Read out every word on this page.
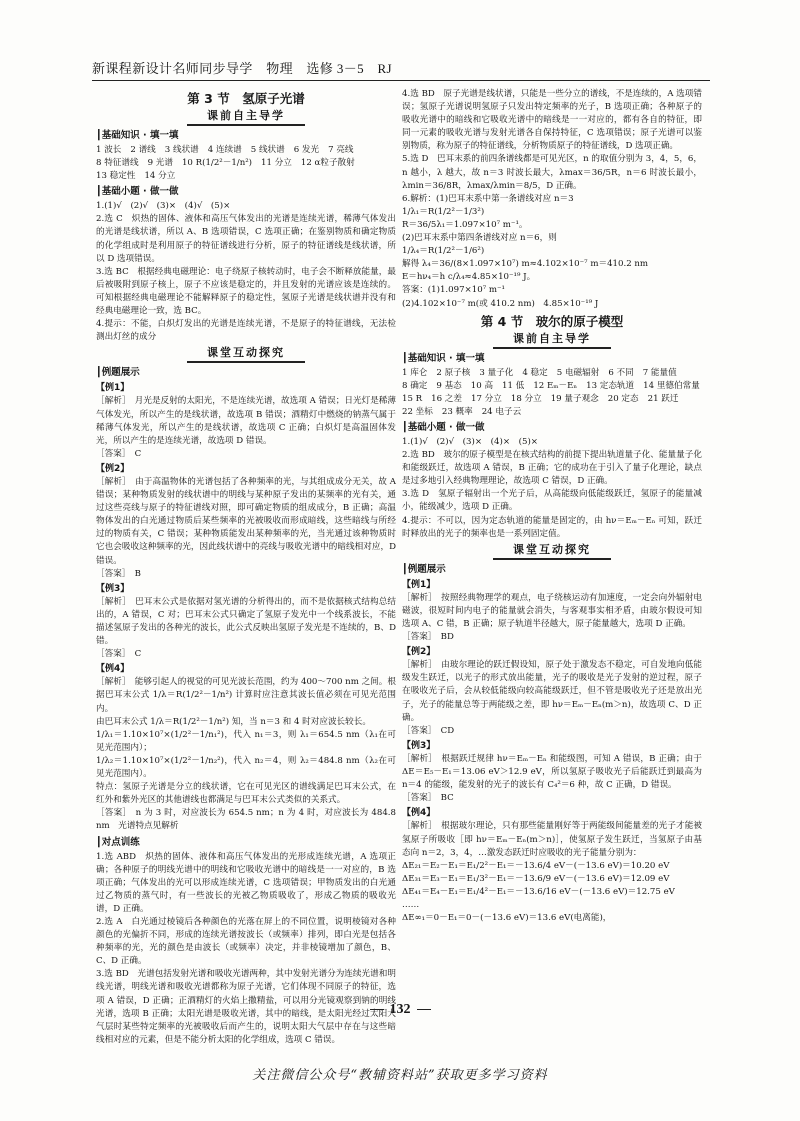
新课程新设计名师同步导学　物理　选修 3－5　RJ
第 3 节　氢原子光谱
课前自主导学
┃基础知识 · 填一填
1 波长 2 谱线 3 线状谱 4 连续谱 5 线状谱 6 发光 7 亮线
8 特征谱线 9 光谱 10 R(1/2²－1/n²) 11 分立 12 α粒子散射
13 稳定性 14 分立
┃基础小题 · 做一做

1.(1)√　(2)√　(3)×　(4)√　(5)×

2.选 C　炽热的固体、液体和高压气体发出的光谱是连续光谱，稀薄气体发出的光谱是线状谱，所以 A、B 选项错误，C 选项正确；在鉴别物质和确定物质的化学组成时是利用原子的特征谱线进行分析，原子的特征谱线是线状谱，所以 D 选项错误。

3.选 BC　根据经典电磁理论：电子绕原子核转动时，电子会不断释放能量，最后被吸附到原子核上，原子不应该是稳定的，并且发射的光谱应该是连续的。可知根据经典电磁理论不能解释原子的稳定性，氢原子光谱是线状谱并没有和经典电磁理论一致，选 BC。

4.提示：不能，白炽灯发出的光谱是连续光谱，不是原子的特征谱线，无法检测出灯丝的成分

课堂互动探究
┃例题展示
【例1】

［解析］　月光是反射的太阳光，不是连续光谱，故选项 A 错误；日光灯是稀薄气体发光，所以产生的是线状谱，故选项 B 错误；酒精灯中燃烧的钠蒸气属于稀薄气体发光，所以产生的是线状谱，故选项 C 正确；白炽灯是高温固体发光，所以产生的是连续光谱，故选项 D 错误。

［答案］　C

【例2】

［解析］　由于高温物体的光谱包括了各种频率的光，与其组成成分无关，故 A 错误；某种物质发射的线状谱中的明线与某种原子发出的某频率的光有关，通过这些亮线与原子的特征谱线对照，即可确定物质的组成成分，B 正确；高温物体发出的白光通过物质后某些频率的光被吸收而形成暗线，这些暗线与所经过的物质有关，C 错误；某种物质能发出某种频率的光，当光通过该种物质时它也会吸收这种频率的光，因此线状谱中的亮线与吸收光谱中的暗线相对应，D 错误。

［答案］　B

【例3】

［解析］　巴耳末公式是依据对氢光谱的分析得出的，而不是依据核式结构总结出的，A 错误，C 对；巴耳末公式只确定了氢原子发光中一个线系波长，不能描述氢原子发出的各种光的波长，此公式反映出氢原子发光是不连续的，B、D 错。

［答案］　C

【例4】

［解析］　能够引起人的视觉的可见光波长范围，约为 400～700 nm 之间。根据巴耳末公式 1/λ＝R(1/2²－1/n²) 计算时应注意其波长值必须在可见光范围内。

由巴耳末公式 1/λ＝R(1/2²－1/n²) 知，当 n＝3 和 4 时对应波长较长。

1/λ₁＝1.10×10⁷×(1/2²－1/n₁²)，代入 n₁＝3，则 λ₁＝654.5 nm（λ₁在可见光范围内）；

1/λ₂＝1.10×10⁷×(1/2²－1/n₂²)，代入 n₂＝4，则 λ₂＝484.8 nm（λ₂在可见光范围内）。

特点：氢原子光谱是分立的线状谱，它在可见光区的谱线满足巴耳末公式，在红外和紫外光区的其他谱线也都满足与巴耳末公式类似的关系式。

［答案］　n 为 3 时，对应波长为 654.5 nm；n 为 4 时，对应波长为 484.8 nm　光谱特点见解析

┃对点训练

1.选 ABD　炽热的固体、液体和高压气体发出的光形成连续光谱，A 选项正确；各种原子的明线光谱中的明线和它吸收光谱中的暗线是一一对应的，B 选项正确；气体发出的光可以形成连续光谱，C 选项错误；甲物质发出的白光通过乙物质的蒸气时，有一些波长的光被乙物质吸收了，形成乙物质的吸收光谱，D 正确。

2.选 A　白光通过棱镜后各种颜色的光落在屏上的不同位置，说明棱镜对各种颜色的光偏折不同，形成的连续光谱按波长（或频率）排列，即白光是包括各种频率的光，光的颜色是由波长（或频率）决定，并非棱镜增加了颜色，B、C、D 正确。

3.选 BD　光谱包括发射光谱和吸收光谱两种，其中发射光谱分为连续光谱和明线光谱，明线光谱和吸收光谱都称为原子光谱，它们体现不同原子的特征，选项 A 错误，D 正确；正酒精灯的火焰上撒精盐，可以用分光镜观察到钠的明线光谱，选项 B 正确；太阳光谱是吸收光谱，其中的暗线，是太阳光经过太阳大气层时某些特定频率的光被吸收后而产生的，说明太阳大气层中存在与这些暗线相对应的元素，但是不能分析太阳的化学组成，选项 C 错误。

4.选 BD　原子光谱是线状谱，只能是一些分立的谱线，不是连续的，A 选项错误；氢原子光谱说明氢原子只发出特定频率的光子，B 选项正确；各种原子的吸收光谱中的暗线和它吸收光谱中的暗线是一一对应的，都有各自的特征，即同一元素的吸收光谱与发射光谱各自保持特征，C 选项错误；原子光谱可以鉴别物质，称为原子的特征谱线，分析物质原子的特征谱线，D 选项正确。

5.选 D　巴耳末系的前四条谱线都是可见光区，n 的取值分别为 3，4，5，6，n 越小，λ 越大，故 n＝3 时波长最大，λmax＝36/5R，n＝6 时波长最小，λmin＝36/8R，λmax/λmin＝8/5，D 正确。

6.解析：(1)巴耳末系中第一条谱线对应 n＝3

1/λ₁＝R(1/2²－1/3²)

R＝36/5λ₁＝1.097×10⁷ m⁻¹。

(2)巴耳末系中第四条谱线对应 n＝6，则

1/λ₄＝R(1/2²－1/6²)

解得 λ₄＝36/(8×1.097×10⁷) m≈4.102×10⁻⁷ m＝410.2 nm

E＝hν₄＝h c/λ₄≈4.85×10⁻¹⁹ J。

答案：(1)1.097×10⁷ m⁻¹

(2)4.102×10⁻⁷ m(或 410.2 nm)　4.85×10⁻¹⁹ J

第 4 节　玻尔的原子模型
课前自主导学
┃基础知识 · 填一填
1 库仑 2 原子核 3 量子化 4 稳定 5 电磁辐射 6 不同 7 能量值
8 确定 9 基态 10 高 11 低 12 Eₘ－Eₙ 13 定态轨道 14 里德伯常量
15 R 16 之差 17 分立 18 分立 19 量子观念 20 定态 21 跃迁
22 坐标 23 概率 24 电子云
┃基础小题 · 做一做

1.(1)√　(2)√　(3)×　(4)×　(5)×

2.选 BD　玻尔的原子模型是在核式结构的前提下提出轨道量子化、能量量子化和能级跃迁，故选项 A 错误，B 正确；它的成功在于引入了量子化理论，缺点是过多地引入经典物理理论，故选项 C 错误，D 正确。

3.选 D　氢原子辐射出一个光子后，从高能级向低能级跃迁，氢原子的能量减小，能级减少，选项 D 正确。

4.提示：不可以，因为定态轨道的能量是固定的，由 hν＝Eₘ－Eₙ 可知，跃迁时释放出的光子的频率也是一系列固定值。

课堂互动探究
┃例题展示
【例1】

［解析］　按照经典物理学的观点，电子绕核运动有加速度，一定会向外辐射电磁波，很短时间内电子的能量就会消失，与客观事实相矛盾，由玻尔假设可知选项 A、C 错，B 正确；原子轨道半径越大，原子能量越大，选项 D 正确。

［答案］　BD

【例2】

［解析］　由玻尔理论的跃迁假设知，原子处于激发态不稳定，可自发地向低能级发生跃迁，以光子的形式放出能量，光子的吸收是光子发射的逆过程，原子在吸收光子后，会从较低能级向较高能级跃迁，但不管是吸收光子还是放出光子，光子的能量总等于两能级之差，即 hν＝Eₘ－Eₙ(m＞n)，故选项 C、D 正确。

［答案］　CD

【例3】

［解析］　根据跃迁规律 hν＝Eₘ－Eₙ 和能级图，可知 A 错误，B 正确；由于 ΔE＝E₅－E₁＝13.06 eV＞12.9 eV，所以氢原子吸收光子后能跃迁到最高为 n＝4 的能级，能发射的光子的波长有 C₄²＝6 种，故 C 正确，D 错误。

［答案］　BC

【例4】

［解析］　根据玻尔理论，只有那些能量刚好等于两能级间能量差的光子才能被氢原子所吸收［即 hν＝Eₘ－Eₙ(m＞n)］，使氢原子发生跃迁，当氢原子由基态向 n＝2，3，4，…激发态跃迁时应吸收的光子能量分别为：

ΔE₂₁＝E₂－E₁＝E₁/2²－E₁＝－13.6/4 eV－(－13.6 eV)＝10.20 eV

ΔE₃₁＝E₃－E₁＝E₁/3²－E₁＝－13.6/9 eV－(－13.6 eV)＝12.09 eV

ΔE₄₁＝E₄－E₁＝E₁/4²－E₁＝－13.6/16 eV－(－13.6 eV)＝12.75 eV

……

ΔE∞₁＝0－E₁＝0－(－13.6 eV)＝13.6 eV(电离能)，

132
关注微信公众号“教辅资料站”获取更多学习资料
